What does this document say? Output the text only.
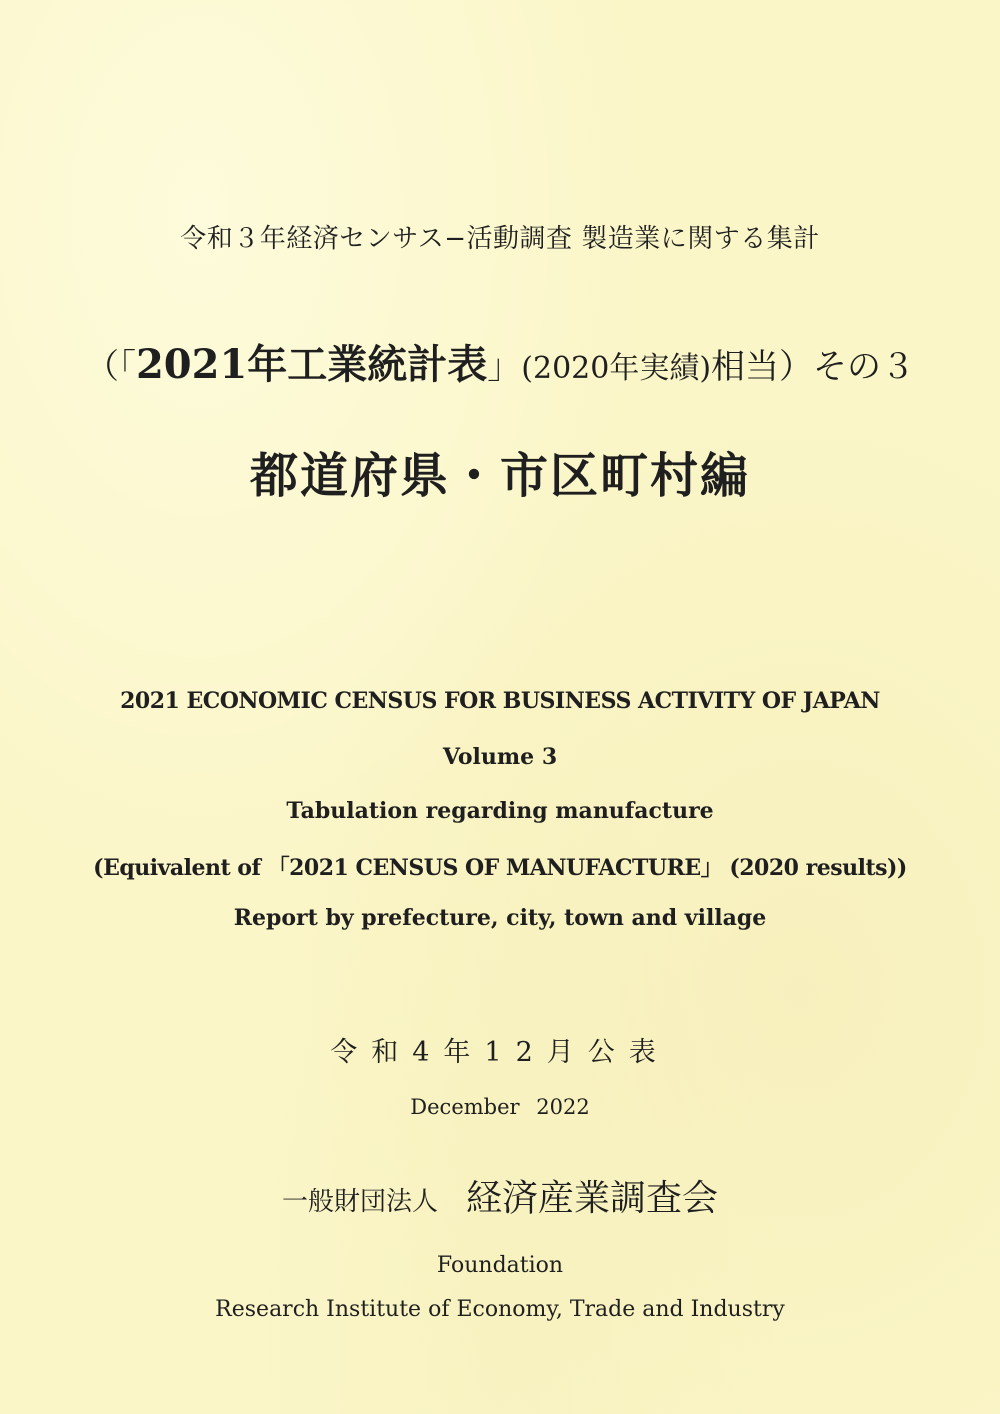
令和３年経済センサス−活動調査 製造業に関する集計
（「2021年工業統計表」(2020年実績)相当）その３
都道府県・市区町村編
2021 ECONOMIC CENSUS FOR BUSINESS ACTIVITY OF JAPAN
Volume 3
Tabulation regarding manufacture
(Equivalent of 「2021 CENSUS OF MANUFACTURE」 (2020 results))
Report by prefecture, city, town and village
令和4年12月公表
December 2022
一般財団法人 経済産業調査会
Foundation
Research Institute of Economy, Trade and Industry
